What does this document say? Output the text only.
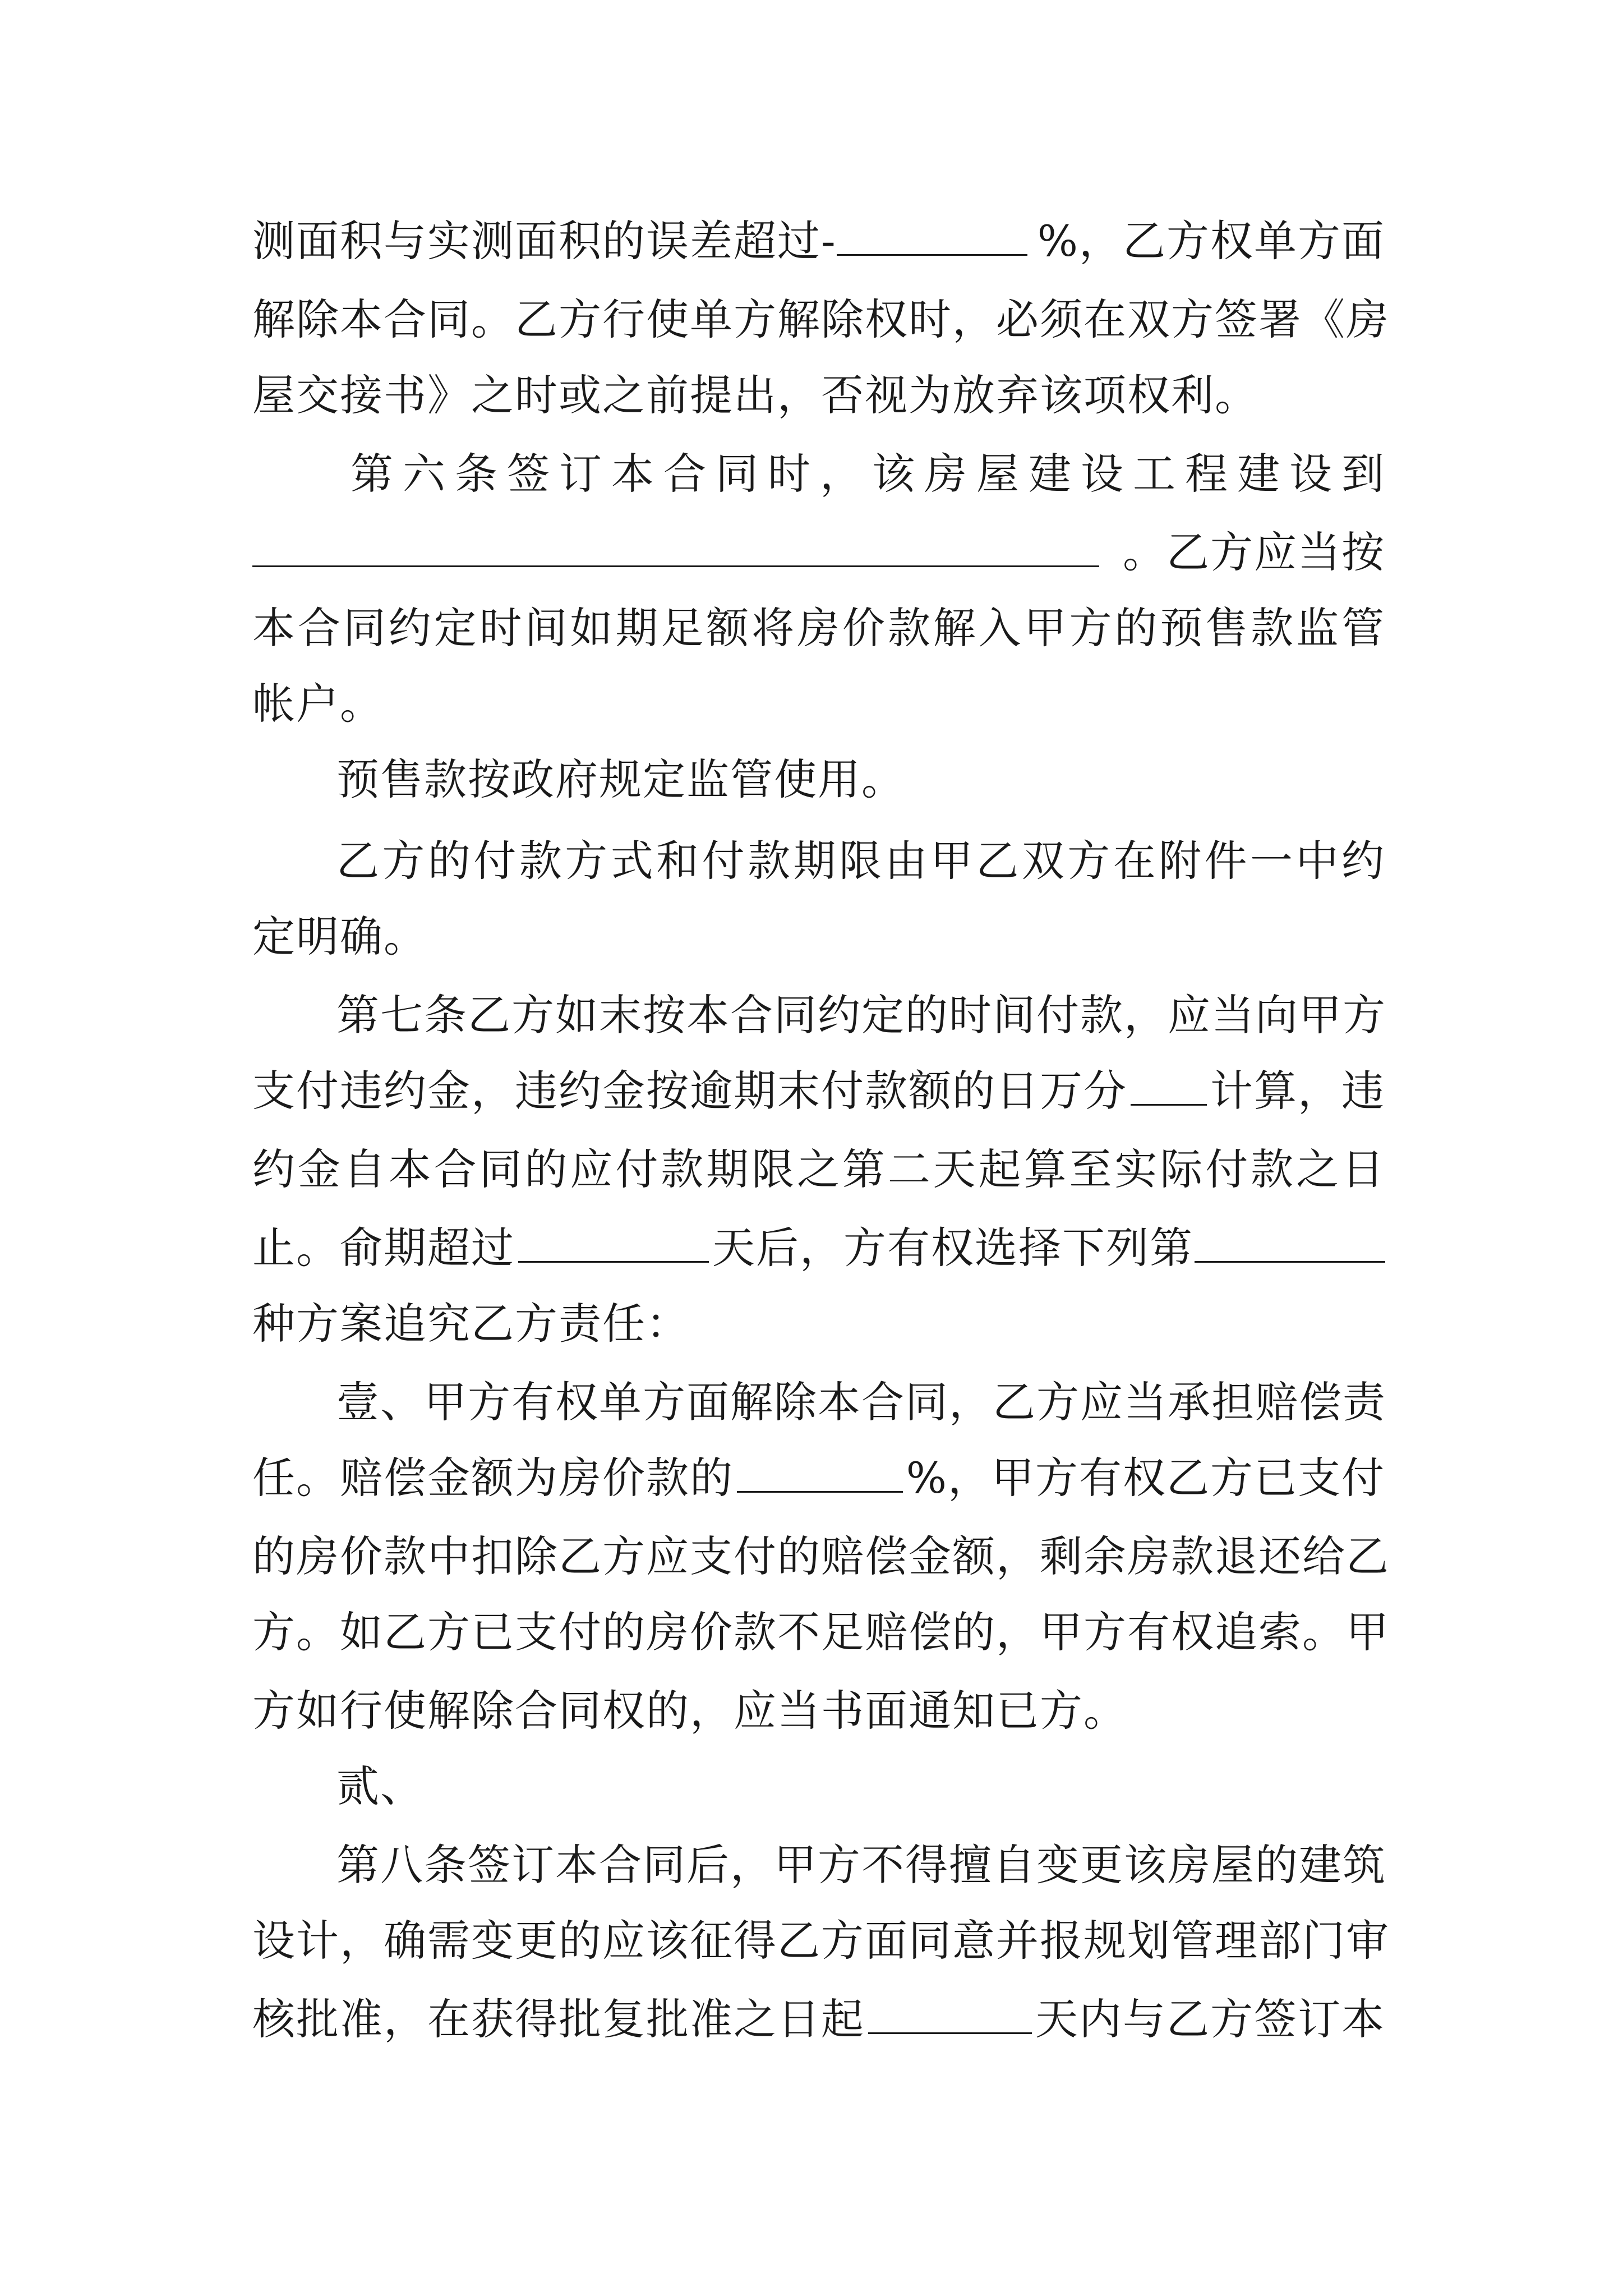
测面积与实测面积的误差超过-	%，乙方权单方面
解除本合同。乙方行使单方解除权时，必须在双方签署《房
屋交接书》之时或之前提出，否视为放弃该项权利。
第六条签订本合同时，该房屋建设工程建设到
。乙方应当按
本合同约定时间如期足额将房价款解入甲方的预售款监管
帐户。
预售款按政府规定监管使用。
乙方的付款方式和付款期限由甲乙双方在附件一中约
定明确。
第七条乙方如末按本合同约定的时间付款，应当向甲方
支付违约金，违约金按逾期末付款额的日万分 计算，违
约金自本合同的应付款期限之第二天起算至实际付款之日
止。俞期超过	天后，方有权选择下列第
种方案追究乙方责任：
壹、甲方有权单方面解除本合同，乙方应当承担赔偿责
任。赔偿金额为房价款的	%，甲方有权乙方已支付
的房价款中扣除乙方应支付的赔偿金额，剩余房款退还给乙
方。如乙方已支付的房价款不足赔偿的，甲方有权追索。甲
方如行使解除合同权的，应当书面通知已方。
贰、
第八条签订本合同后，甲方不得擅自变更该房屋的建筑
设计，确需变更的应该征得乙方面同意并报规划管理部门审
核批准，在获得批复批准之日起	天内与乙方签订本
